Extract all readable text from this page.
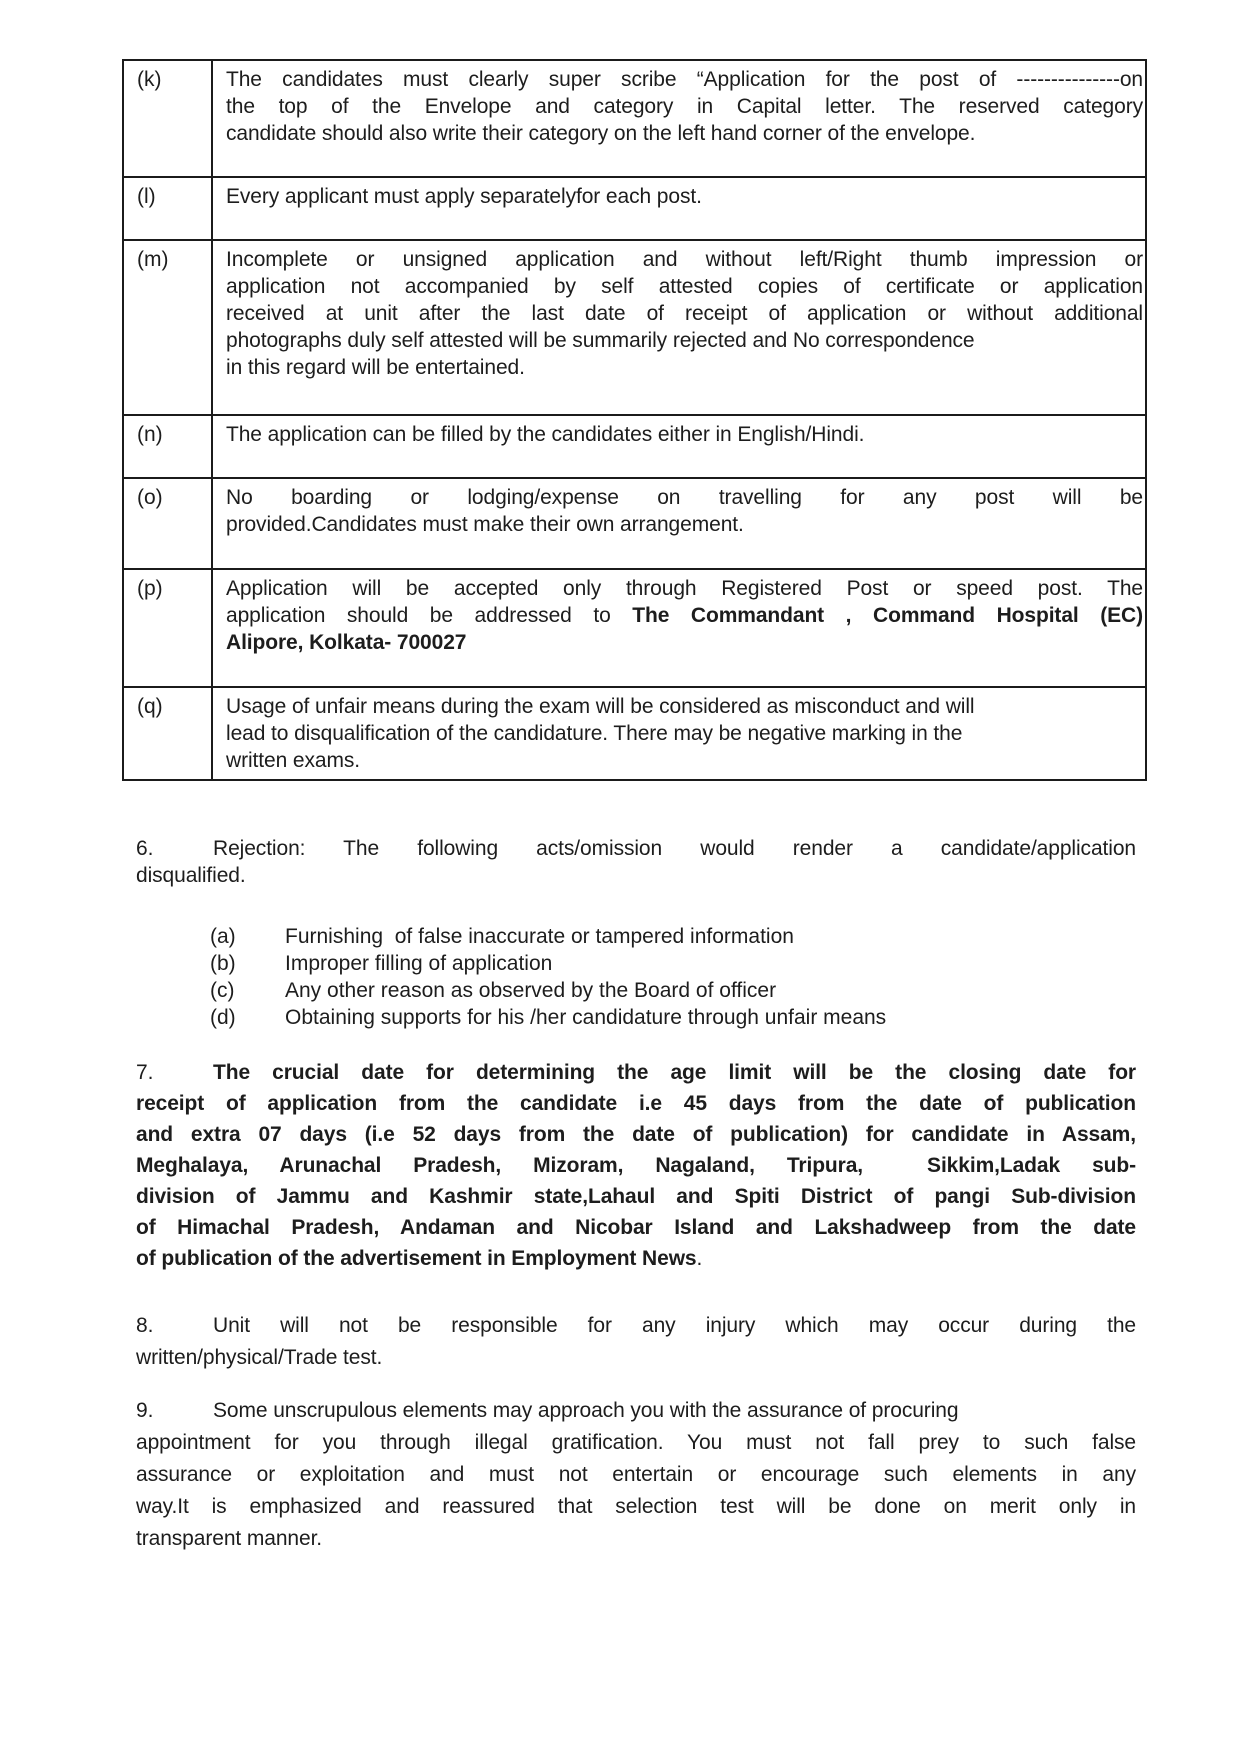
(k)	The candidates must clearly super scribe “Application for the post of ---------------on
the top of the Envelope and category in Capital letter. The reserved category
candidate should also write their category on the left hand corner of the envelope.

(l)	Every applicant must apply separatelyfor each post.

(m)	Incomplete or unsigned application and without left/Right thumb impression or
application not accompanied by self attested copies of certificate or application
received at unit after the last date of receipt of application or without additional
photographs duly self attested will be summarily rejected and No correspondence
in this regard will be entertained.

(n)	The application can be filled by the candidates either in English/Hindi.

(o)	No boarding or lodging/expense on travelling for any post will be
provided.Candidates must make their own arrangement.

(p)	Application will be accepted only through Registered Post or speed post. The
application should be addressed to The Commandant , Command Hospital (EC)
Alipore, Kolkata- 700027

(q)	Usage of unfair means during the exam will be considered as misconduct and will
lead to disqualification of the candidature. There may be negative marking in the
written exams.
6.	Rejection: The following acts/omission would render a candidate/application
disqualified.
(a) Furnishing  of false inaccurate or tampered information
(b) Improper filling of application
(c) Any other reason as observed by the Board of officer
(d) Obtaining supports for his /her candidature through unfair means
7.	The crucial date for determining the age limit will be the closing date for
receipt of application from the candidate i.e 45 days from the date of publication
and extra 07 days (i.e 52 days from the date of publication) for candidate in Assam,
Meghalaya, Arunachal Pradesh, Mizoram, Nagaland, Tripura,  Sikkim,Ladak sub-
division of Jammu and Kashmir state,Lahaul and Spiti District of pangi Sub-division
of Himachal Pradesh, Andaman and Nicobar Island and Lakshadweep from the date
of publication of the advertisement in Employment News.
8.	Unit will not be responsible for any injury which may occur during the
written/physical/Trade test.
9.	Some unscrupulous elements may approach you with the assurance of procuring
appointment for you through illegal gratification. You must not fall prey to such false
assurance or exploitation and must not entertain or encourage such elements in any
way.It is emphasized and reassured that selection test will be done on merit only in
transparent manner.
